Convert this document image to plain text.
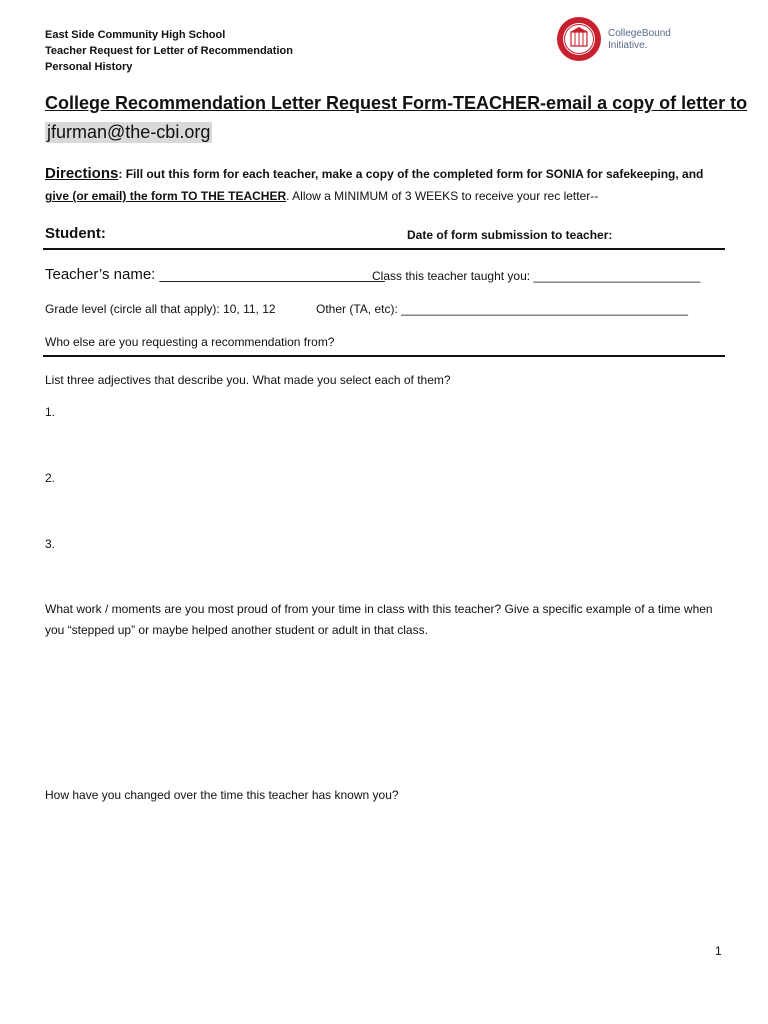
East Side Community High School
Teacher Request for Letter of Recommendation
Personal History
CollegeBound
Initiative.
College Recommendation Letter Request Form-TEACHER-email a copy of letter to
jfurman@the-cbi.org
Directions: Fill out this form for each teacher, make a copy of the completed form for SONIA for safekeeping, and
give (or email) the form TO THE TEACHER. Allow a MINIMUM of 3 WEEKS to receive your rec letter--
Student:	Date of form submission to teacher:
Teacher’s name: ___________________________
Class this teacher taught you: _________________________
Grade level (circle all that apply): 10, 11, 12	Other (TA, etc): ___________________________________________
Who else are you requesting a recommendation from?
List three adjectives that describe you. What made you select each of them?
1.
2.
3.
What work / moments are you most proud of from your time in class with this teacher? Give a specific example of a time when you “stepped up” or maybe helped another student or adult in that class.
How have you changed over the time this teacher has known you?
1
